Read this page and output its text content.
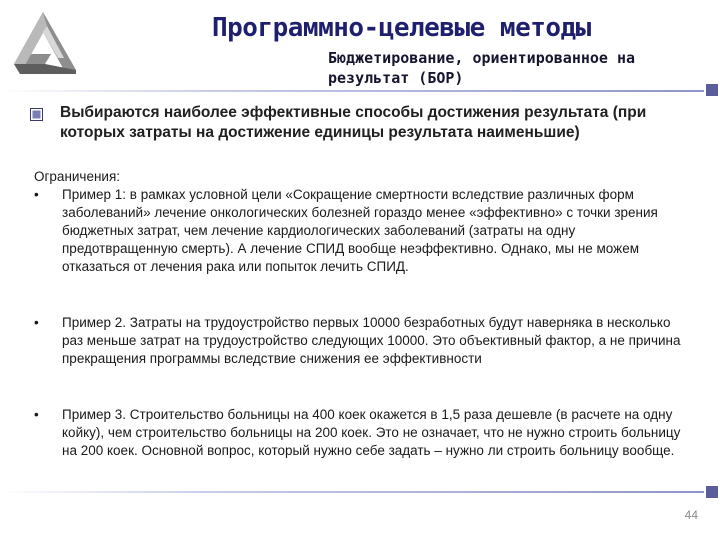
Программно-целевые методы
Бюджетирование, ориентированное на результат (БОР)
Выбираются наиболее эффективные способы достижения результата (при которых затраты на достижение единицы результата наименьшие)
Ограничения:
•	Пример 1: в рамках условной цели «Сокращение смертности вследствие различных форм заболеваний» лечение онкологических болезней гораздо менее «эффективно» с точки зрения бюджетных затрат, чем лечение кардиологических заболеваний (затраты на одну предотвращенную смерть). А лечение СПИД вообще неэффективно. Однако, мы не можем отказаться от лечения рака или попыток лечить СПИД.
•	Пример 2. Затраты на трудоустройство первых 10000 безработных будут наверняка в несколько раз меньше затрат на трудоустройство следующих 10000. Это объективный фактор, а не причина прекращения программы вследствие снижения ее эффективности
•	Пример 3. Строительство больницы на 400 коек окажется в 1,5 раза дешевле (в расчете на одну койку), чем строительство больницы на 200 коек. Это не означает, что не нужно строить больницу на 200 коек. Основной вопрос, который нужно себе задать – нужно ли строить больницу вообще.
44
